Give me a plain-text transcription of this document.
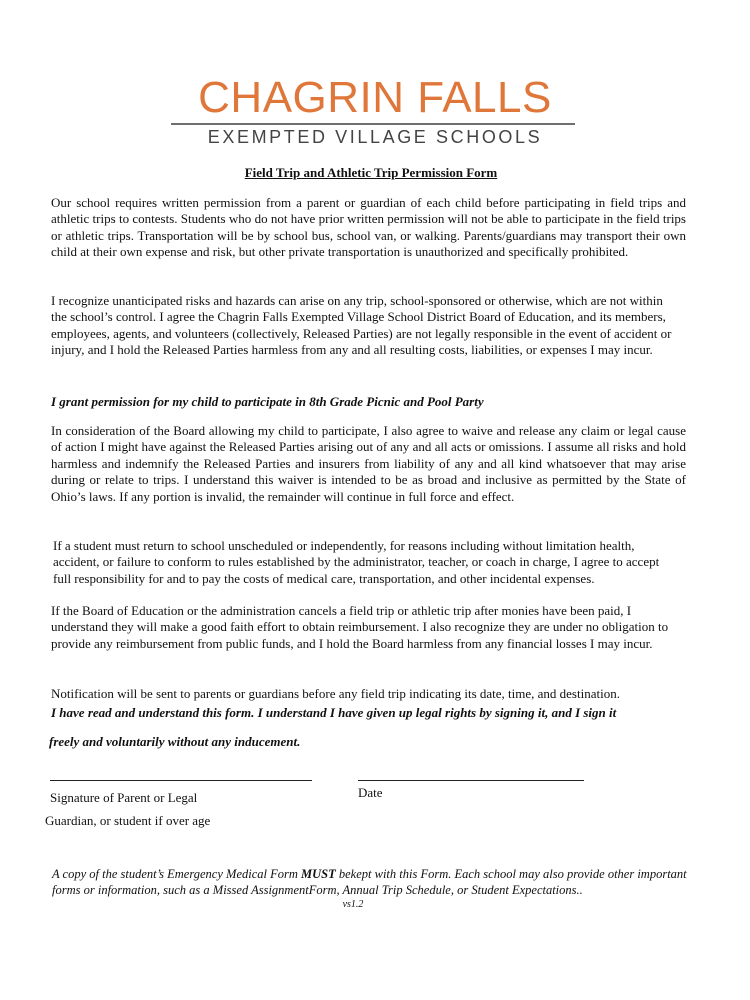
CHAGRIN FALLS
EXEMPTED VILLAGE SCHOOLS
Field Trip and Athletic Trip Permission Form

Our school requires written permission from a parent or guardian of each child before participating in field trips and athletic trips to contests. Students who do not have prior written permission will not be able to participate in the field trips or athletic trips. Transportation will be by school bus, school van, or walking. Parents/guardians may transport their own child at their own expense and risk, but other private transportation is unauthorized and specifically prohibited.

I recognize unanticipated risks and hazards can arise on any trip, school-sponsored or otherwise, which are not within the school’s control. I agree the Chagrin Falls Exempted Village School District Board of Education, and its members, employees, agents, and volunteers (collectively, Released Parties) are not legally responsible in the event of accident or injury, and I hold the Released Parties harmless from any and all resulting costs, liabilities, or expenses I may incur.

I grant permission for my child to participate in 8th Grade Picnic and Pool Party

In consideration of the Board allowing my child to participate, I also agree to waive and release any claim or legal cause of action I might have against the Released Parties arising out of any and all acts or omissions. I assume all risks and hold harmless and indemnify the Released Parties and insurers from liability of any and all kind whatsoever that may arise during or relate to trips. I understand this waiver is intended to be as broad and inclusive as permitted by the State of Ohio’s laws. If any portion is invalid, the remainder will continue in full force and effect.

If a student must return to school unscheduled or independently, for reasons including without limitation health, accident, or failure to conform to rules established by the administrator, teacher, or coach in charge, I agree to accept full responsibility for and to pay the costs of medical care, transportation, and other incidental expenses.

If the Board of Education or the administration cancels a field trip or athletic trip after monies have been paid, I understand they will make a good faith effort to obtain reimbursement. I also recognize they are under no obligation to provide any reimbursement from public funds, and I hold the Board harmless from any financial losses I may incur.

Notification will be sent to parents or guardians before any field trip indicating its date, time, and destination.

I have read and understand this form. I understand I have given up legal rights by signing it, and I sign it

freely and voluntarily without any inducement.

Signature of Parent or Legal
Guardian, or student if over age
Date
A copy of the student’s Emergency Medical Form MUST bekept with this Form. Each school may also provide other important forms or information, such as a Missed AssignmentForm, Annual Trip Schedule, or Student Expectations..
vs1.2
